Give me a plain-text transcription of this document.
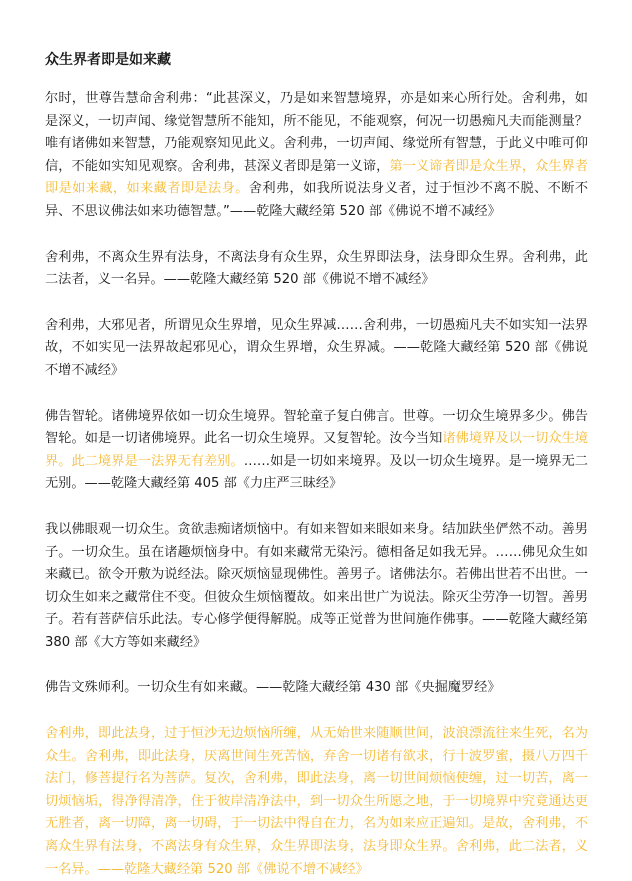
众生界者即是如来藏

尔时，世尊告慧命舍利弗：“此甚深义，乃是如来智慧境界，亦是如来心所行处。舍利弗，如是深义，一切声闻、缘觉智慧所不能知，所不能见，不能观察，何况一切愚痴凡夫而能测量？唯有诸佛如来智慧，乃能观察知见此义。舍利弗，一切声闻、缘觉所有智慧，于此义中唯可仰信，不能如实知见观察。舍利弗，甚深义者即是第一义谛，第一义谛者即是众生界，众生界者即是如来藏，如来藏者即是法身。舍利弗，如我所说法身义者，过于恒沙不离不脱、不断不异、不思议佛法如来功德智慧。”——乾隆大藏经第 520 部《佛说不增不减经》

舍利弗，不离众生界有法身，不离法身有众生界，众生界即法身，法身即众生界。舍利弗，此二法者，义一名异。——乾隆大藏经第 520 部《佛说不增不减经》

舍利弗，大邪见者，所谓见众生界增，见众生界减……舍利弗，一切愚痴凡夫不如实知一法界故，不如实见一法界故起邪见心，谓众生界增，众生界减。——乾隆大藏经第 520 部《佛说不增不减经》

佛告智轮。诸佛境界依如一切众生境界。智轮童子复白佛言。世尊。一切众生境界多少。佛告智轮。如是一切诸佛境界。此名一切众生境界。又复智轮。汝今当知诸佛境界及以一切众生境界。此二境界是一法界无有差别。……如是一切如来境界。及以一切众生境界。是一境界无二无别。——乾隆大藏经第 405 部《力庄严三昧经》

我以佛眼观一切众生。贪欲恚痴诸烦恼中。有如来智如来眼如来身。结加趺坐俨然不动。善男子。一切众生。虽在诸趣烦恼身中。有如来藏常无染污。德相备足如我无异。……佛见众生如来藏已。欲令开敷为说经法。除灭烦恼显现佛性。善男子。诸佛法尔。若佛出世若不出世。一切众生如来之藏常住不变。但彼众生烦恼覆故。如来出世广为说法。除灭尘劳净一切智。善男子。若有菩萨信乐此法。专心修学便得解脱。成等正觉普为世间施作佛事。——乾隆大藏经第 380 部《大方等如来藏经》

佛告文殊师利。一切众生有如来藏。——乾隆大藏经第 430 部《央掘魔罗经》

舍利弗，即此法身，过于恒沙无边烦恼所缠，从无始世来随顺世间，波浪漂流往来生死，名为众生。舍利弗，即此法身，厌离世间生死苦恼，弃舍一切诸有欲求，行十波罗蜜，摄八万四千法门，修菩提行名为菩萨。复次，舍利弗，即此法身，离一切世间烦恼使缠，过一切苦，离一切烦恼垢，得净得清净，住于彼岸清净法中，到一切众生所愿之地，于一切境界中究竟通达更无胜者，离一切障，离一切碍，于一切法中得自在力，名为如来应正遍知。是故，舍利弗，不离众生界有法身，不离法身有众生界，众生界即法身，法身即众生界。舍利弗，此二法者，义一名异。——乾隆大藏经第 520 部《佛说不增不减经》
